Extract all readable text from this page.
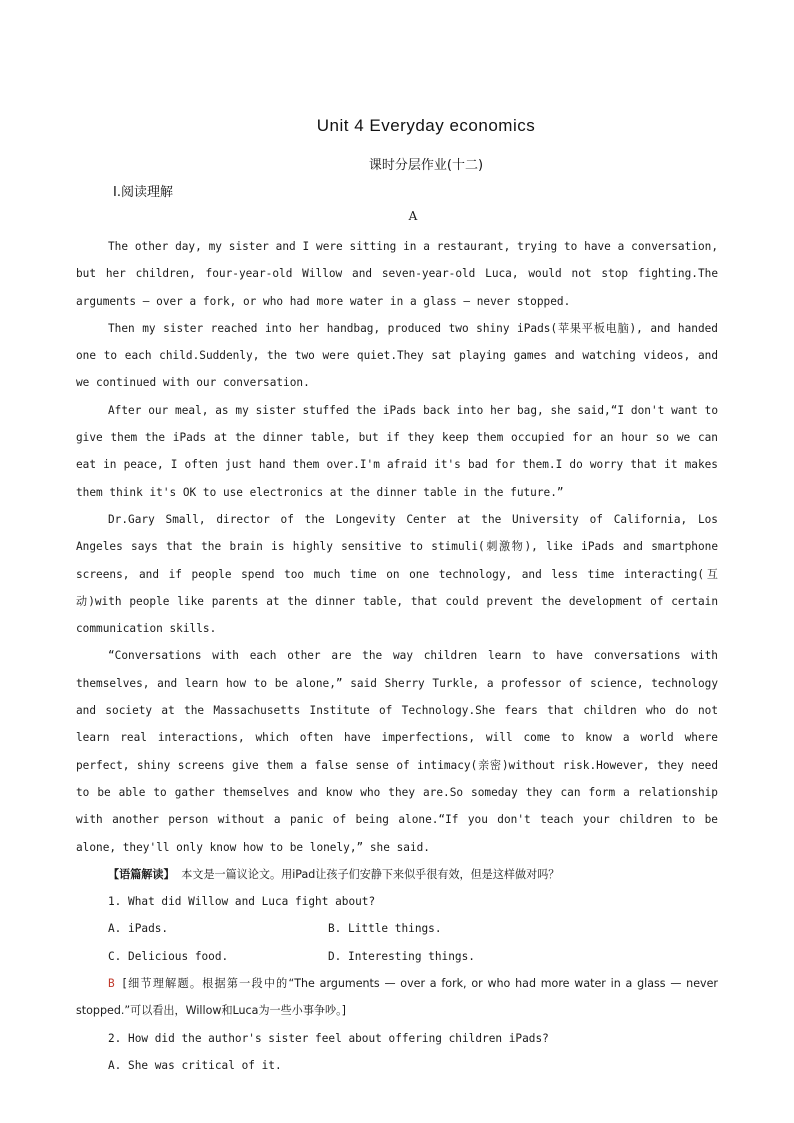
Unit 4 Everyday economics
课时分层作业(十二)
Ⅰ.阅读理解
A

The other day, my sister and I were sitting in a restaurant, trying to have a conversation, but her children, four-year-old Willow and seven-year-old Luca, would not stop fighting.The arguments — over a fork, or who had more water in a glass — never stopped.

Then my sister reached into her handbag, produced two shiny iPads(苹果平板电脑), and handed one to each child.Suddenly, the two were quiet.They sat playing games and watching videos, and we continued with our conversation.

After our meal, as my sister stuffed the iPads back into her bag, she said,“I don't want to give them the iPads at the dinner table, but if they keep them occupied for an hour so we can eat in peace, I often just hand them over.I'm afraid it's bad for them.I do worry that it makes them think it's OK to use electronics at the dinner table in the future.”

Dr.Gary Small, director of the Longevity Center at the University of California, Los Angeles says that the brain is highly sensitive to stimuli(刺激物), like iPads and smartphone screens, and if people spend too much time on one technology, and less time interacting(互动)with people like parents at the dinner table, that could prevent the development of certain communication skills.

“Conversations with each other are the way children learn to have conversations with themselves, and learn how to be alone,” said Sherry Turkle, a professor of science, technology and society at the Massachusetts Institute of Technology.She fears that children who do not learn real interactions, which often have imperfections, will come to know a world where perfect, shiny screens give them a false sense of intimacy(亲密)without risk.However, they need to be able to gather themselves and know who they are.So someday they can form a relationship with another person without a panic of being alone.“If you don't teach your children to be alone, they'll only know how to be lonely,” she said.

【语篇解读】 本文是一篇议论文。用iPad让孩子们安静下来似乎很有效，但是这样做对吗？

1. What did Willow and Luca fight about?

A. iPads.	B. Little things.

C. Delicious food.	D. Interesting things.

B [细节理解题。根据第一段中的“The arguments — over a fork, or who had more water in a glass — never stopped.”可以看出，Willow和Luca为一些小事争吵。]

2. How did the author's sister feel about offering children iPads?

A. She was critical of it.
